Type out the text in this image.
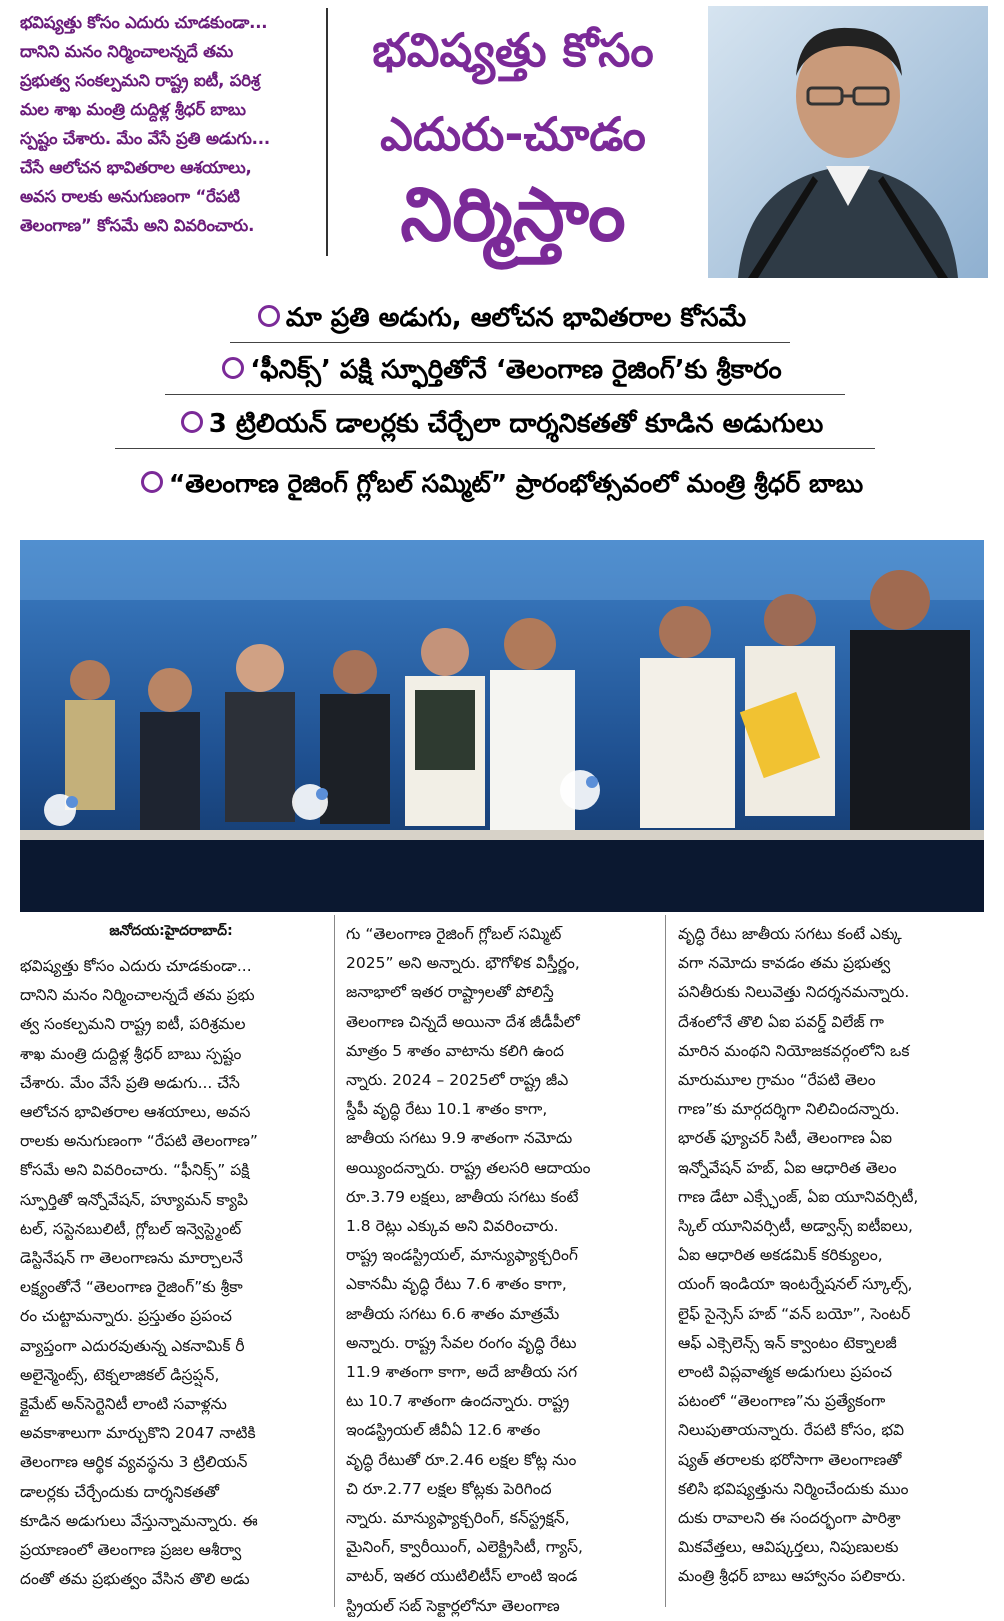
భవిష్యత్తు కోసం ఎదురు చూడకుండా...
దానిని మనం నిర్మించాలన్నదే తమ
ప్రభుత్వ సంకల్పమని రాష్ట్ర ఐటీ, పరిశ్ర
మల శాఖ మంత్రి దుద్దిళ్ల శ్రీధర్ బాబు
స్పష్టం చేశారు. మేం వేసే ప్రతి అడుగు...
చేసే ఆలోచన భావితరాల ఆశయాలు,
అవస రాలకు అనుగుణంగా “రేపటి
తెలంగాణ” కోసమే అని వివరించారు.
భవిష్యత్తు కోసం
ఎదురు-చూడం
నిర్మిస్తాం
మా ప్రతి అడుగు, ఆలోచన భావితరాల కోసమే
‘ఫీనిక్స్’ పక్షి స్ఫూర్తితోనే ‘తెలంగాణ రైజింగ్’కు శ్రీకారం
3 ట్రిలియన్ డాలర్లకు చేర్చేలా దార్శనికతతో కూడిన అడుగులు
“తెలంగాణ రైజింగ్ గ్లోబల్ సమ్మిట్” ప్రారంభోత్సవంలో మంత్రి శ్రీధర్ బాబు
జనోదయ:హైదరాబాద్:
భవిష్యత్తు కోసం ఎదురు చూడకుండా...
దానిని మనం నిర్మించాలన్నదే తమ ప్రభు
త్వ సంకల్పమని రాష్ట్ర ఐటీ, పరిశ్రమల
శాఖ మంత్రి దుద్దిళ్ల శ్రీధర్ బాబు స్పష్టం
చేశారు. మేం వేసే ప్రతి అడుగు... చేసే
ఆలోచన భావితరాల ఆశయాలు, అవస
రాలకు అనుగుణంగా “రేపటి తెలంగాణ”
కోసమే అని వివరించారు. “ఫీనిక్స్” పక్షి
స్ఫూర్తితో ఇన్నోవేషన్, హ్యూమన్ క్యాపి
టల్, సస్టెనబులిటీ, గ్లోబల్ ఇన్వెస్ట్మెంట్
డెస్టినేషన్ గా తెలంగాణను మార్చాలనే
లక్ష్యంతోనే “తెలంగాణ రైజింగ్”కు శ్రీకా
రం చుట్టామన్నారు. ప్రస్తుతం ప్రపంచ
వ్యాప్తంగా ఎదురవుతున్న ఎకనామిక్ రీ
అలైన్మెంట్స్, టెక్నలాజికల్ డిస్రప్షన్,
క్లైమేట్ అన్‌సెర్టెనిటీ లాంటి సవాళ్లను
అవకాశాలుగా మార్చుకొని 2047 నాటికి
తెలంగాణ ఆర్థిక వ్యవస్థను 3 ట్రిలియన్
డాలర్లకు చేర్చేందుకు దార్శనికతతో
కూడిన అడుగులు వేస్తున్నామన్నారు. ఈ
ప్రయాణంలో తెలంగాణ ప్రజల ఆశీర్వా
దంతో తమ ప్రభుత్వం వేసిన తొలి అడు
గు “తెలంగాణ రైజింగ్ గ్లోబల్ సమ్మిట్
2025” అని అన్నారు. భౌగోళిక విస్తీర్ణం,
జనాభాలో ఇతర రాష్ట్రాలతో పోలిస్తే
తెలంగాణ చిన్నదే అయినా దేశ జీడీపీలో
మాత్రం 5 శాతం వాటాను కలిగి ఉంద
న్నారు. 2024 – 2025లో రాష్ట్ర జీఎ
స్డీపీ వృద్ధి రేటు 10.1 శాతం కాగా,
జాతీయ సగటు 9.9 శాతంగా నమోదు
అయ్యిందన్నారు. రాష్ట్ర తలసరి ఆదాయం
రూ.3.79 లక్షలు, జాతీయ సగటు కంటే
1.8 రెట్లు ఎక్కువ అని వివరించారు.
రాష్ట్ర ఇండస్ట్రియల్, మాన్యుఫ్యాక్చరింగ్
ఎకానమీ వృద్ధి రేటు 7.6 శాతం కాగా,
జాతీయ సగటు 6.6 శాతం మాత్రమే
అన్నారు. రాష్ట్ర సేవల రంగం వృద్ధి రేటు
11.9 శాతంగా కాగా, అదే జాతీయ సగ
టు 10.7 శాతంగా ఉందన్నారు. రాష్ట్ర
ఇండస్ట్రియల్ జీవీఏ 12.6 శాతం
వృద్ధి రేటుతో రూ.2.46 లక్షల కోట్ల నుం
చి రూ.2.77 లక్షల కోట్లకు పెరిగింద
న్నారు. మాన్యుఫ్యాక్చరింగ్, కన్‌స్ట్రక్షన్,
మైనింగ్, క్వారీయింగ్, ఎలెక్ట్రిసిటీ, గ్యాస్,
వాటర్, ఇతర యుటిలిటీస్ లాంటి ఇండ
స్ట్రియల్ సబ్ సెక్టార్లలోనూ తెలంగాణ
వృద్ధి రేటు జాతీయ సగటు కంటే ఎక్కు
వగా నమోదు కావడం తమ ప్రభుత్వ
పనితీరుకు నిలువెత్తు నిదర్శనమన్నారు.
దేశంలోనే తొలి ఏఐ పవర్డ్ విలేజ్ గా
మారిన మంథని నియోజకవర్గంలోని ఒక
మారుమూల గ్రామం “రేపటి తెలం
గాణ”కు మార్గదర్శిగా నిలిచిందన్నారు.
భారత్ ఫ్యూచర్ సిటీ, తెలంగాణ ఏఐ
ఇన్నోవేషన్ హబ్, ఏఐ ఆధారిత తెలం
గాణ డేటా ఎక్స్ఛేంజ్, ఏఐ యూనివర్సిటీ,
స్కిల్ యూనివర్సిటీ, అడ్వాన్స్ ఐటీఐలు,
ఏఐ ఆధారిత అకడమిక్ కరిక్యులం,
యంగ్ ఇండియా ఇంటర్నేషనల్ స్కూల్స్,
లైఫ్ సైన్సెస్ హబ్ “వన్ బయో”, సెంటర్
ఆఫ్ ఎక్సెలెన్స్ ఇన్ క్వాంటం టెక్నాలజీ
లాంటి విప్లవాత్మక అడుగులు ప్రపంచ
పటంలో “తెలంగాణ”ను ప్రత్యేకంగా
నిలుపుతాయన్నారు. రేపటి కోసం, భవి
ష్యత్ తరాలకు భరోసాగా తెలంగాణతో
కలిసి భవిష్యత్తును నిర్మించేందుకు ముం
దుకు రావాలని ఈ సందర్భంగా పారిశ్రా
మికవేత్తలు, ఆవిష్కర్తలు, నిపుణులకు
మంత్రి శ్రీధర్ బాబు ఆహ్వానం పలికారు.
